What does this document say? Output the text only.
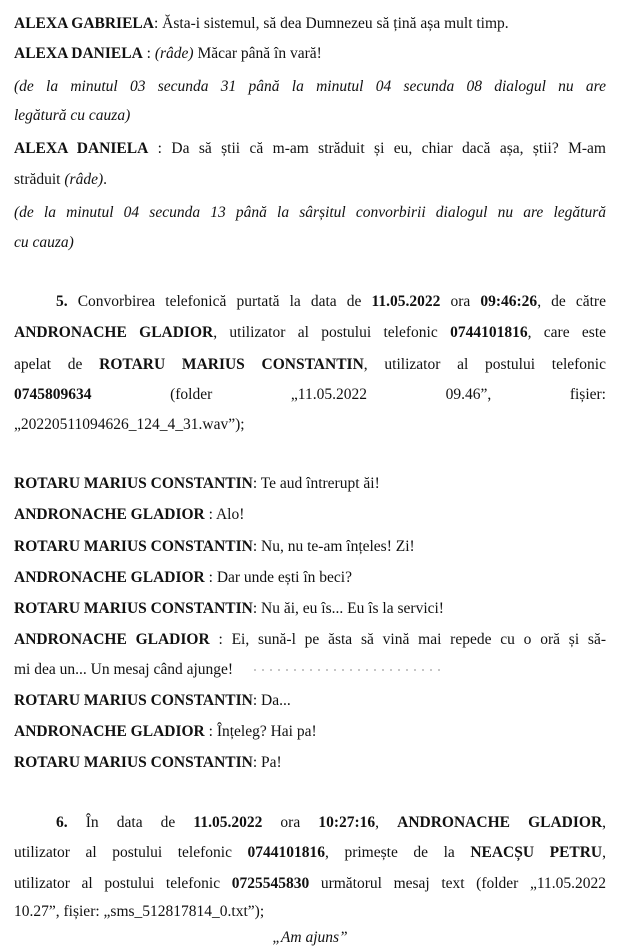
ALEXA GABRIELA: Ăsta-i sistemul, să dea Dumnezeu să țină așa mult timp.
ALEXA DANIELA : (râde) Măcar până în vară!
(de la minutul 03 secunda 31 până la minutul 04 secunda 08 dialogul nu are
legătură cu cauza)
ALEXA DANIELA : Da să știi că m-am străduit și eu, chiar dacă așa, știi? M-am
străduit (râde).
(de la minutul 04 secunda 13 până la sârșitul convorbirii dialogul nu are legătură
cu cauza)
5. Convorbirea telefonică purtată la data de 11.05.2022 ora 09:46:26, de către
ANDRONACHE GLADIOR, utilizator al postului telefonic 0744101816, care este
apelat de ROTARU MARIUS CONSTANTIN, utilizator al postului telefonic
0745809634	(folder	„11.05.2022	09.46”,	fișier:
„20220511094626_124_4_31.wav”);
ROTARU MARIUS CONSTANTIN: Te aud întrerupt ăi!
ANDRONACHE GLADIOR : Alo!
ROTARU MARIUS CONSTANTIN: Nu, nu te-am înțeles! Zi!
ANDRONACHE GLADIOR : Dar unde ești în beci?
ROTARU MARIUS CONSTANTIN: Nu ăi, eu îs... Eu îs la servici!
ANDRONACHE GLADIOR : Ei, sună-l pe ăsta să vină mai repede cu o oră și să-
mi dea un... Un mesaj când ajunge!
ROTARU MARIUS CONSTANTIN: Da...
ANDRONACHE GLADIOR : Înțeleg? Hai pa!
ROTARU MARIUS CONSTANTIN: Pa!
6. În data de 11.05.2022 ora 10:27:16, ANDRONACHE GLADIOR,
utilizator al postului telefonic 0744101816, primește de la NEACȘU PETRU,
utilizator al postului telefonic 0725545830 următorul mesaj text (folder „11.05.2022
10.27”, fișier: „sms_512817814_0.txt”);
„Am ajuns”
